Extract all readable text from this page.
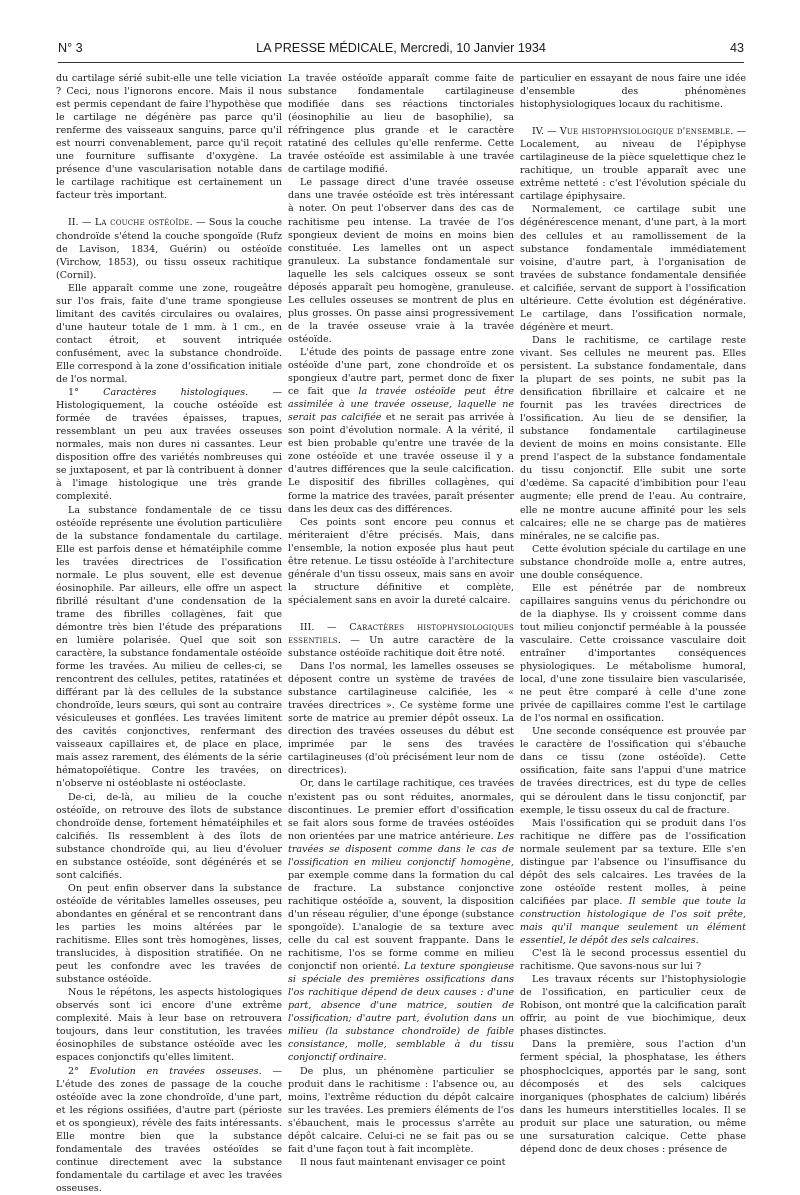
N° 3	LA PRESSE MÉDICALE, Mercredi, 10 Janvier 1934	43

du cartilage sérié subit-elle une telle viciation ? Ceci, nous l'ignorons encore. Mais il nous est permis cependant de faire l'hypothèse que le cartilage ne dégénère pas parce qu'il renferme des vaisseaux sanguins, parce qu'il est nourri convenablement, parce qu'il reçoit une fourniture suffisante d'oxygène. La présence d'une vascularisation notable dans le cartilage rachitique est certainement un facteur très important.

II. — La couche ostéoïde. — Sous la couche chondroïde s'étend la couche spongoïde (Rufz de Lavison, 1834, Guérin) ou ostéoïde (Virchow, 1853), ou tissu osseux rachitique (Cornil).

Elle apparaît comme une zone, rougeâtre sur l'os frais, faite d'une trame spongieuse limitant des cavités circulaires ou ovalaires, d'une hauteur totale de 1 mm. à 1 cm., en contact étroit, et souvent intriquée confusément, avec la substance chondroïde. Elle correspond à la zone d'ossification initiale de l'os normal.

1° Caractères histologiques. — Histologiquement, la couche ostéoïde est formée de travées épaisses, trapues, ressemblant un peu aux travées osseuses normales, mais non dures ni cassantes. Leur disposition offre des variétés nombreuses qui se juxtaposent, et par là contribuent à donner à l'image histologique une très grande complexité.

La substance fondamentale de ce tissu ostéoïde représente une évolution particulière de la substance fondamentale du cartilage. Elle est parfois dense et hématéiphile comme les travées directrices de l'ossification normale. Le plus souvent, elle est devenue éosinophile. Par ailleurs, elle offre un aspect fibrillé résultant d'une condensation de la trame des fibrilles collagènes, fait que démontre très bien l'étude des préparations en lumière polarisée. Quel que soit son caractère, la substance fondamentale ostéoïde forme les travées. Au milieu de celles-ci, se rencontrent des cellules, petites, ratatinées et différant par là des cellules de la substance chondroïde, leurs sœurs, qui sont au contraire vésiculeuses et gonflées. Les travées limitent des cavités conjonctives, renfermant des vaisseaux capillaires et, de place en place, mais assez rarement, des éléments de la série hématopoïétique. Contre les travées, on n'observe ni ostéoblaste ni ostéoclaste.

De-ci, de-là, au milieu de la couche ostéoïde, on retrouve des îlots de substance chondroïde dense, fortement hématéiphiles et calcifiés. Ils ressemblent à des îlots de substance chondroïde qui, au lieu d'évoluer en substance ostéoïde, sont dégénérés et se sont calcifiés.

On peut enfin observer dans la substance ostéoïde de véritables lamelles osseuses, peu abondantes en général et se rencontrant dans les parties les moins altérées par le rachitisme. Elles sont très homogènes, lisses, translucides, à disposition stratifiée. On ne peut les confondre avec les travées de substance ostéoïde.

Nous le répétons, les aspects histologiques observés sont ici encore d'une extrême complexité. Mais à leur base on retrouvera toujours, dans leur constitution, les travées éosinophiles de substance ostéoïde avec les espaces conjonctifs qu'elles limitent.

2° Evolution en travées osseuses. — L'étude des zones de passage de la couche ostéoïde avec la zone chondroïde, d'une part, et les régions ossifiées, d'autre part (périoste et os spongieux), révèle des faits intéressants. Elle montre bien que la substance fondamentale des travées ostéoïdes se continue directement avec la substance fondamentale du cartilage et avec les travées osseuses.

La travée ostéoïde apparaît comme faite de substance fondamentale cartilagineuse modifiée dans ses réactions tinctoriales (éosinophilie au lieu de basophilie), sa réfringence plus grande et le caractère ratatiné des cellules qu'elle renferme. Cette travée ostéoïde est assimilable à une travée de cartilage modifié.

Le passage direct d'une travée osseuse dans une travée ostéoïde est très intéressant à noter. On peut l'observer dans des cas de rachitisme peu intense. La travée de l'os spongieux devient de moins en moins bien constituée. Les lamelles ont un aspect granuleux. La substance fondamentale sur laquelle les sels calciques osseux se sont déposés apparaît peu homogène, granuleuse. Les cellules osseuses se montrent de plus en plus grosses. On passe ainsi progressivement de la travée osseuse vraie à la travée ostéoïde.

L'étude des points de passage entre zone ostéoïde d'une part, zone chondroïde et os spongieux d'autre part, permet donc de fixer ce fait que la travée ostéoïde peut être assimilée à une travée osseuse, laquelle ne serait pas calcifiée et ne serait pas arrivée à son point d'évolution normale. A la vérité, il est bien probable qu'entre une travée de la zone ostéoïde et une travée osseuse il y a d'autres différences que la seule calcification. Le dispositif des fibrilles collagènes, qui forme la matrice des travées, paraît présenter dans les deux cas des différences.

Ces points sont encore peu connus et mériteraient d'être précisés. Mais, dans l'ensemble, la notion exposée plus haut peut être retenue. Le tissu ostéoïde à l'architecture générale d'un tissu osseux, mais sans en avoir la structure définitive et complète, spécialement sans en avoir la dureté calcaire.

III. — Caractères histophysiologiques essentiels. — Un autre caractère de la substance ostéoïde rachitique doit être noté.

Dans l'os normal, les lamelles osseuses se déposent contre un système de travées de substance cartilagineuse calcifiée, les « travées directrices ». Ce système forme une sorte de matrice au premier dépôt osseux. La direction des travées osseuses du début est imprimée par le sens des travées cartilagineuses (d'où précisément leur nom de directrices).

Or, dans le cartilage rachitique, ces travées n'existent pas ou sont réduites, anormales, discontinues. Le premier effort d'ossification se fait alors sous forme de travées ostéoïdes non orientées par une matrice antérieure. Les travées se disposent comme dans le cas de l'ossification en milieu conjonctif homogène, par exemple comme dans la formation du cal de fracture. La substance conjonctive rachitique ostéoïde a, souvent, la disposition d'un réseau régulier, d'une éponge (substance spongoïde). L'analogie de sa texture avec celle du cal est souvent frappante. Dans le rachitisme, l'os se forme comme en milieu conjonctif non orienté. La texture spongieuse si spéciale des premières ossifications dans l'os rachitique dépend de deux causes : d'une part, absence d'une matrice, soutien de l'ossification; d'autre part, évolution dans un milieu (la substance chondroïde) de faible consistance, molle, semblable à du tissu conjonctif ordinaire.

De plus, un phénomène particulier se produit dans le rachitisme : l'absence ou, au moins, l'extrême réduction du dépôt calcaire sur les travées. Les premiers éléments de l'os s'ébauchent, mais le processus s'arrête au dépôt calcaire. Celui-ci ne se fait pas ou se fait d'une façon tout à fait incomplète.

Il nous faut maintenant envisager ce point

particulier en essayant de nous faire une idée d'ensemble des phénomènes histophysiologiques locaux du rachitisme.

IV. — Vue histophysiologique d'ensemble. — Localement, au niveau de l'épiphyse cartilagineuse de la pièce squelettique chez le rachitique, un trouble apparaît avec une extrême netteté : c'est l'évolution spéciale du cartilage épiphysaire.

Normalement, ce cartilage subit une dégénérescence menant, d'une part, à la mort des cellules et au ramollissement de la substance fondamentale immédiatement voisine, d'autre part, à l'organisation de travées de substance fondamentale densifiée et calcifiée, servant de support à l'ossification ultérieure. Cette évolution est dégénérative. Le cartilage, dans l'ossification normale, dégénère et meurt.

Dans le rachitisme, ce cartilage reste vivant. Ses cellules ne meurent pas. Elles persistent. La substance fondamentale, dans la plupart de ses points, ne subit pas la densification fibrillaire et calcaire et ne fournit pas les travées directrices de l'ossification. Au lieu de se densifier, la substance fondamentale cartilagineuse devient de moins en moins consistante. Elle prend l'aspect de la substance fondamentale du tissu conjonctif. Elle subit une sorte d'œdème. Sa capacité d'imbibition pour l'eau augmente; elle prend de l'eau. Au contraire, elle ne montre aucune affinité pour les sels calcaires; elle ne se charge pas de matières minérales, ne se calcifie pas.

Cette évolution spéciale du cartilage en une substance chondroïde molle a, entre autres, une double conséquence.

Elle est pénétrée par de nombreux capillaires sanguins venus du périchondre ou de la diaphyse. Ils y croissent comme dans tout milieu conjonctif perméable à la poussée vasculaire. Cette croissance vasculaire doit entraîner d'importantes conséquences physiologiques. Le métabolisme humoral, local, d'une zone tissulaire bien vascularisée, ne peut être comparé à celle d'une zone privée de capillaires comme l'est le cartilage de l'os normal en ossification.

Une seconde conséquence est prouvée par le caractère de l'ossification qui s'ébauche dans ce tissu (zone ostéoïde). Cette ossification, faite sans l'appui d'une matrice de travées directrices, est du type de celles qui se déroulent dans le tissu conjonctif, par exemple, le tissu osseux du cal de fracture.

Mais l'ossification qui se produit dans l'os rachitique ne diffère pas de l'ossification normale seulement par sa texture. Elle s'en distingue par l'absence ou l'insuffisance du dépôt des sels calcaires. Les travées de la zone ostéoïde restent molles, à peine calcifiées par place. Il semble que toute la construction histologique de l'os soit prête, mais qu'il manque seulement un élément essentiel, le dépôt des sels calcaires.

C'est là le second processus essentiel du rachitisme. Que savons-nous sur lui ?

Les travaux récents sur l'histophysiologie de l'ossification, en particulier ceux de Robison, ont montré que la calcification paraît offrir, au point de vue biochimique, deux phases distinctes.

Dans la première, sous l'action d'un ferment spécial, la phosphatase, les éthers phosphoclciques, apportés par le sang, sont décomposés et des sels calciques inorganiques (phosphates de calcium) libérés dans les humeurs interstitielles locales. Il se produit sur place une saturation, ou même une sursaturation calcique. Cette phase dépend donc de deux choses : présence de
